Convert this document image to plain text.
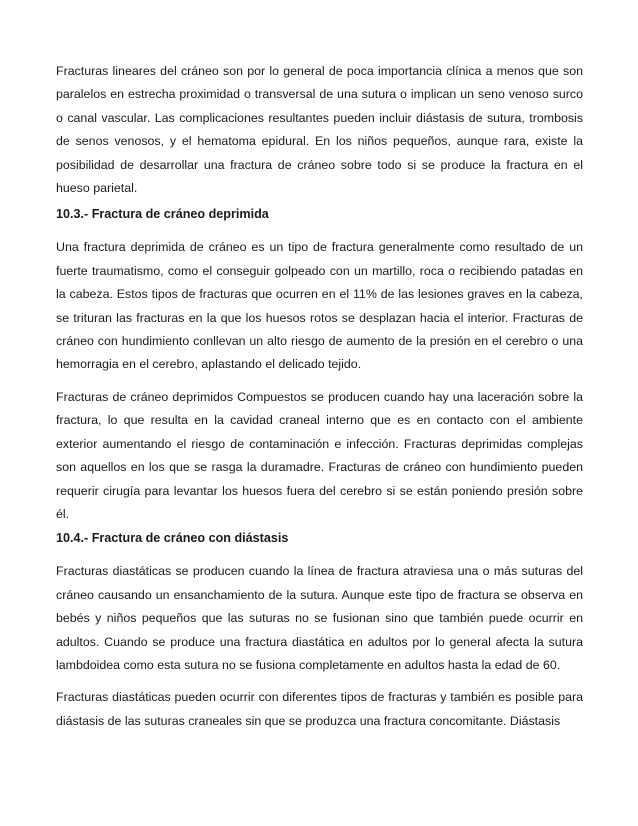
Fracturas lineares del cráneo son por lo general de poca importancia clínica a menos que son paralelos en estrecha proximidad o transversal de una sutura o implican un seno venoso surco o canal vascular. Las complicaciones resultantes pueden incluir diástasis de sutura, trombosis de senos venosos, y el hematoma epidural. En los niños pequeños, aunque rara, existe la posibilidad de desarrollar una fractura de cráneo sobre todo si se produce la fractura en el hueso parietal.

10.3.- Fractura de cráneo deprimida

Una fractura deprimida de cráneo es un tipo de fractura generalmente como resultado de un fuerte traumatismo, como el conseguir golpeado con un martillo, roca o recibiendo patadas en la cabeza. Estos tipos de fracturas que ocurren en el 11% de las lesiones graves en la cabeza, se trituran las fracturas en la que los huesos rotos se desplazan hacia el interior. Fracturas de cráneo con hundimiento conllevan un alto riesgo de aumento de la presión en el cerebro o una hemorragia en el cerebro, aplastando el delicado tejido.

Fracturas de cráneo deprimidos Compuestos se producen cuando hay una laceración sobre la fractura, lo que resulta en la cavidad craneal interno que es en contacto con el ambiente exterior aumentando el riesgo de contaminación e infección. Fracturas deprimidas complejas son aquellos en los que se rasga la duramadre. Fracturas de cráneo con hundimiento pueden requerir cirugía para levantar los huesos fuera del cerebro si se están poniendo presión sobre él.

10.4.- Fractura de cráneo con diástasis

Fracturas diastáticas se producen cuando la línea de fractura atraviesa una o más suturas del cráneo causando un ensanchamiento de la sutura. Aunque este tipo de fractura se observa en bebés y niños pequeños que las suturas no se fusionan sino que también puede ocurrir en adultos. Cuando se produce una fractura diastática en adultos por lo general afecta la sutura lambdoidea como esta sutura no se fusiona completamente en adultos hasta la edad de 60.

Fracturas diastáticas pueden ocurrir con diferentes tipos de fracturas y también es posible para diástasis de las suturas craneales sin que se produzca una fractura concomitante. Diástasis
